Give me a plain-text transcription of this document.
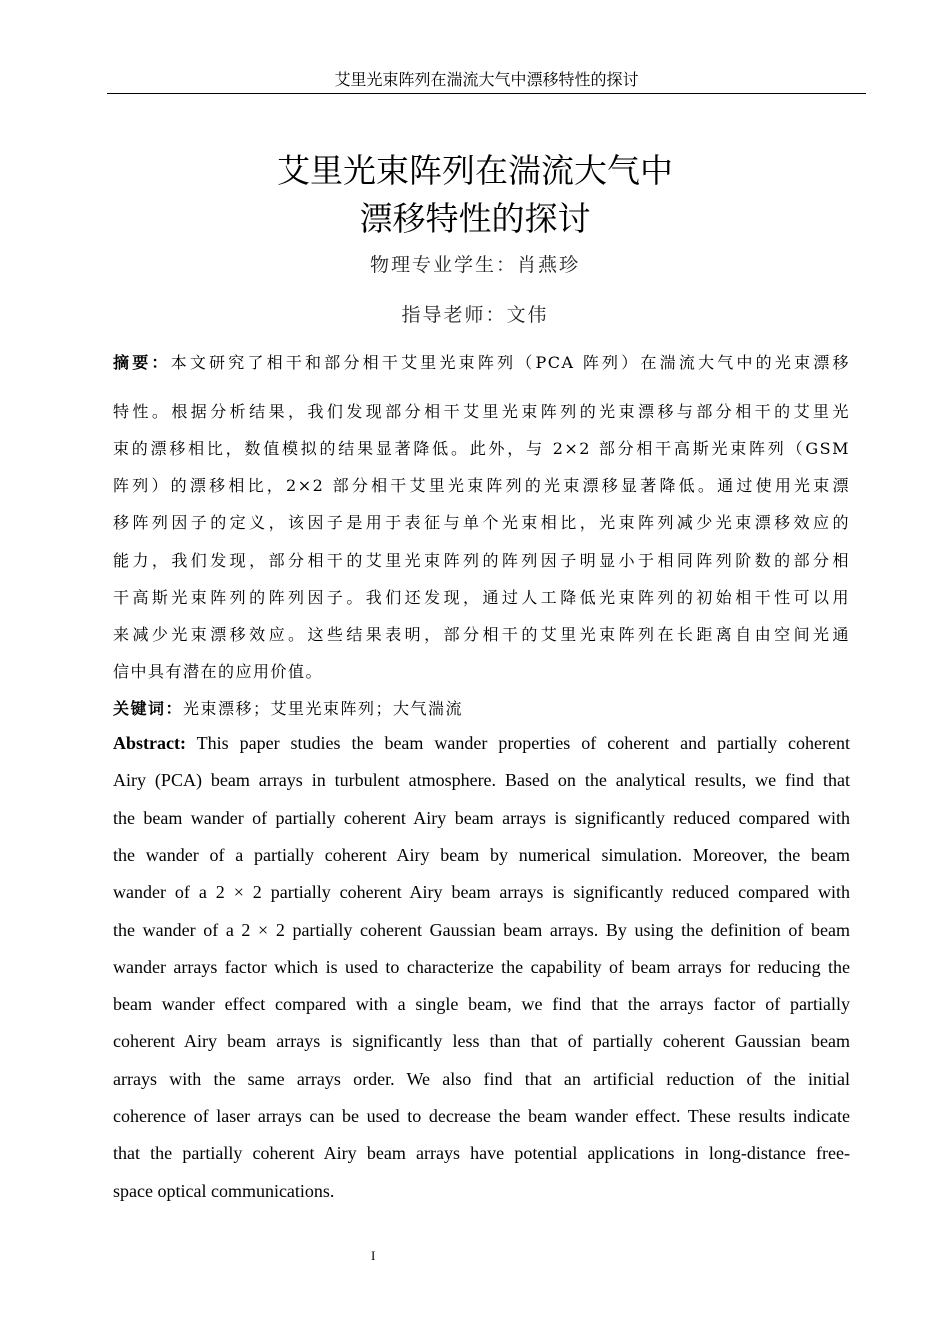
艾里光束阵列在湍流大气中漂移特性的探讨
艾里光束阵列在湍流大气中
漂移特性的探讨
物理专业学生：肖燕珍
指导老师：文伟
摘要：本文研究了相干和部分相干艾里光束阵列（PCA 阵列）在湍流大气中的光束漂移
特性。根据分析结果，我们发现部分相干艾里光束阵列的光束漂移与部分相干的艾里光
束的漂移相比，数值模拟的结果显著降低。此外，与 2×2 部分相干高斯光束阵列（GSM
阵列）的漂移相比，2×2 部分相干艾里光束阵列的光束漂移显著降低。通过使用光束漂
移阵列因子的定义，该因子是用于表征与单个光束相比，光束阵列减少光束漂移效应的
能力，我们发现，部分相干的艾里光束阵列的阵列因子明显小于相同阵列阶数的部分相
干高斯光束阵列的阵列因子。我们还发现，通过人工降低光束阵列的初始相干性可以用
来减少光束漂移效应。这些结果表明，部分相干的艾里光束阵列在长距离自由空间光通
信中具有潜在的应用价值。
关键词：光束漂移；艾里光束阵列；大气湍流
Abstract: This paper studies the beam wander properties of coherent and partially coherent
Airy (PCA) beam arrays in turbulent atmosphere. Based on the analytical results, we find that
the beam wander of partially coherent Airy beam arrays is significantly reduced compared with
the wander of a partially coherent Airy beam by numerical simulation. Moreover, the beam
wander of a 2 × 2 partially coherent Airy beam arrays is significantly reduced compared with
the wander of a 2 × 2 partially coherent Gaussian beam arrays. By using the definition of beam
wander arrays factor which is used to characterize the capability of beam arrays for reducing the
beam wander effect compared with a single beam, we find that the arrays factor of partially
coherent Airy beam arrays is significantly less than that of partially coherent Gaussian beam
arrays with the same arrays order. We also find that an artificial reduction of the initial
coherence of laser arrays can be used to decrease the beam wander effect. These results indicate
that the partially coherent Airy beam arrays have potential applications in long-distance free-
space optical communications.
I
